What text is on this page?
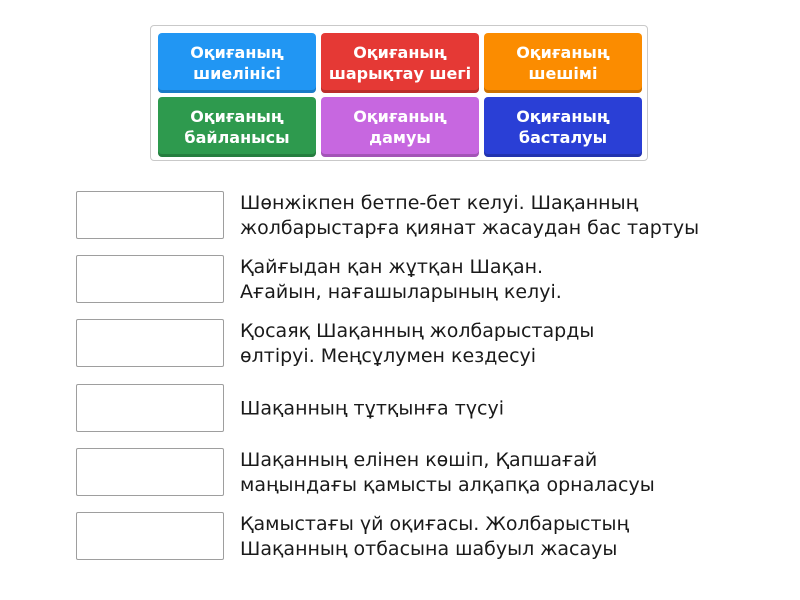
Оқиғаның
шиелінісі
Оқиғаның
шарықтау шегі
Оқиғаның
шешімі
Оқиғаның
байланысы
Оқиғаның
дамуы
Оқиғаның
басталуы
Шөнжікпен бетпе-бет келуі. Шақанның
жолбарыстарға қиянат жасаудан бас тартуы
Қайғыдан қан жұтқан Шақан.
Ағайын, нағашыларының келуі.
Қосаяқ Шақанның жолбарыстарды
өлтіруі. Меңсұлумен кездесуі
Шақанның тұтқынға түсуі
Шақанның елінен көшіп, Қапшағай
маңындағы қамысты алқапқа орналасуы
Қамыстағы үй оқиғасы. Жолбарыстың
Шақанның отбасына шабуыл жасауы
